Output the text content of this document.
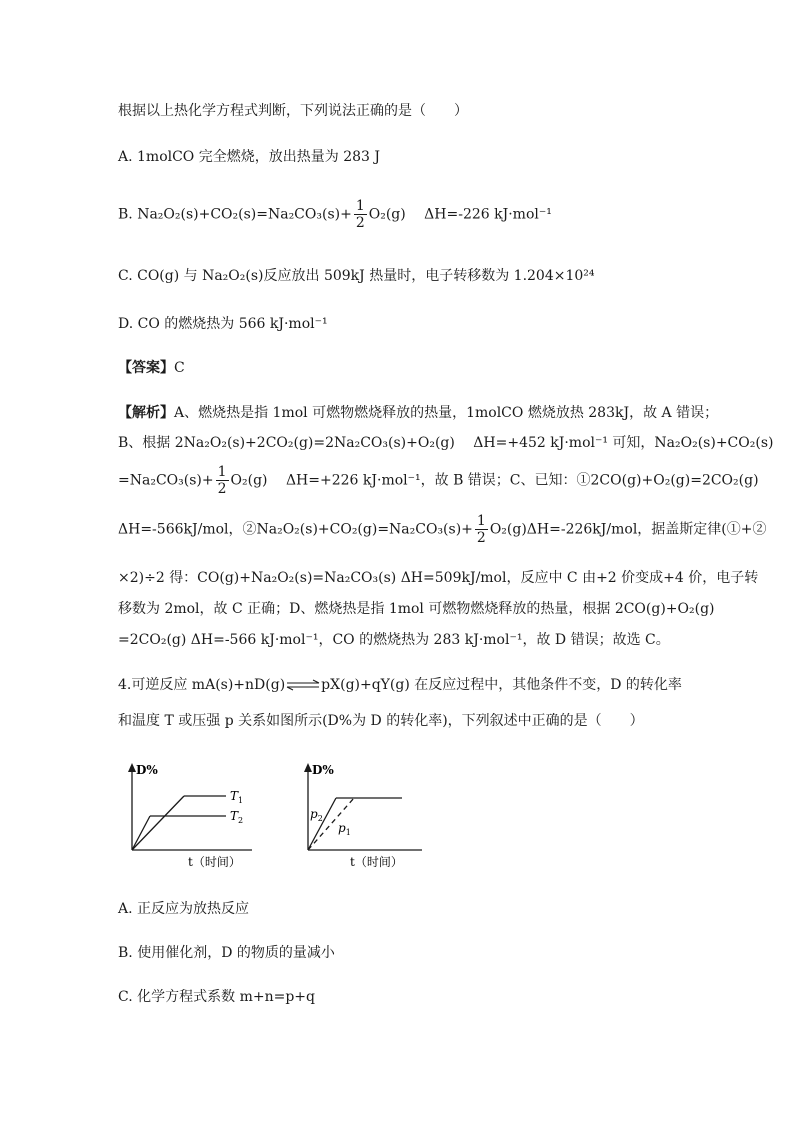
根据以上热化学方程式判断，下列说法正确的是（　　）
A. 1molCO 完全燃烧，放出热量为 283 J
B. $Na_2O_2(s)+CO_2(s)=Na_2CO_3(s)+ \frac{1}{2} O_2(g)$　 ΔH=-226 kJ·mol⁻¹
C. CO(g) 与 Na₂O₂(s)反应放出 509kJ 热量时，电子转移数为 1.204×10²⁴
D. CO 的燃烧热为 566 kJ·mol⁻¹
【答案】C
【解析】A、燃烧热是指 1mol 可燃物燃烧释放的热量，1molCO 燃烧放热 283kJ，故 A 错误；
B、根据 2Na₂O₂(s)+2CO₂(g)=2Na₂CO₃(s)+O₂(g)　 ΔH=+452 kJ·mol⁻¹ 可知，Na₂O₂(s)+CO₂(s)
$=Na_2CO_3(s)+ \frac{1}{2} O_2(g)$　 ΔH=+226 kJ·mol⁻¹，故 B 错误；C、已知：①2CO(g)+O₂(g)=2CO₂(g)
ΔH=-566kJ/mol，②Na₂O₂(s)+CO₂(g)=Na₂CO₃(s)+ $\frac{1}{2} O_2(g)\Delta H=-226kJ/mol$，据盖斯定律(①+②
×2)÷2 得：CO(g)+Na₂O₂(s)=Na₂CO₃(s) ΔH=509kJ/mol，反应中 C 由+2 价变成+4 价，电子转
移数为 2mol，故 C 正确；D、燃烧热是指 1mol 可燃物燃烧释放的热量，根据 2CO(g)+O₂(g)
=2CO₂(g) ΔH=-566 kJ·mol⁻¹，CO 的燃烧热为 283 kJ·mol⁻¹，故 D 错误；故选 C。
4.可逆反应 mA(s)+nD(g)⇌pX(g)+qY(g) 在反应过程中，其他条件不变，D 的转化率
和温度 T 或压强 p 关系如图所示(D%为 D 的转化率)，下列叙述中正确的是（　　）
D%
$T_1$
$T_2$
t（时间）
D%
$p_2$
$p_1$
t（时间）
A. 正反应为放热反应
B. 使用催化剂，D 的物质的量减小
C. 化学方程式系数 m+n=p+q
